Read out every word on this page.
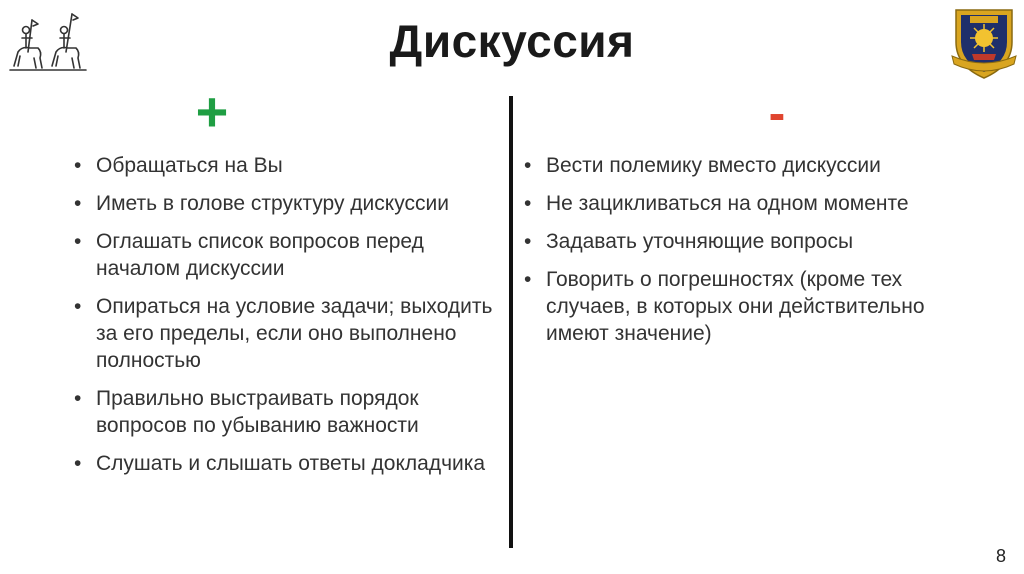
Дискуссия
+	-
• Обращаться на Вы
• Иметь в голове структуру дискуссии
• Оглашать список вопросов перед началом дискуссии
• Опираться на условие задачи; выходить за его пределы, если оно выполнено полностью
• Правильно выстраивать порядок вопросов по убыванию важности
• Слушать и слышать ответы докладчика
• Вести полемику вместо дискуссии
• Не зацикливаться на одном моменте
• Задавать уточняющие вопросы
• Говорить о погрешностях (кроме тех случаев, в которых они действительно имеют значение)
8
